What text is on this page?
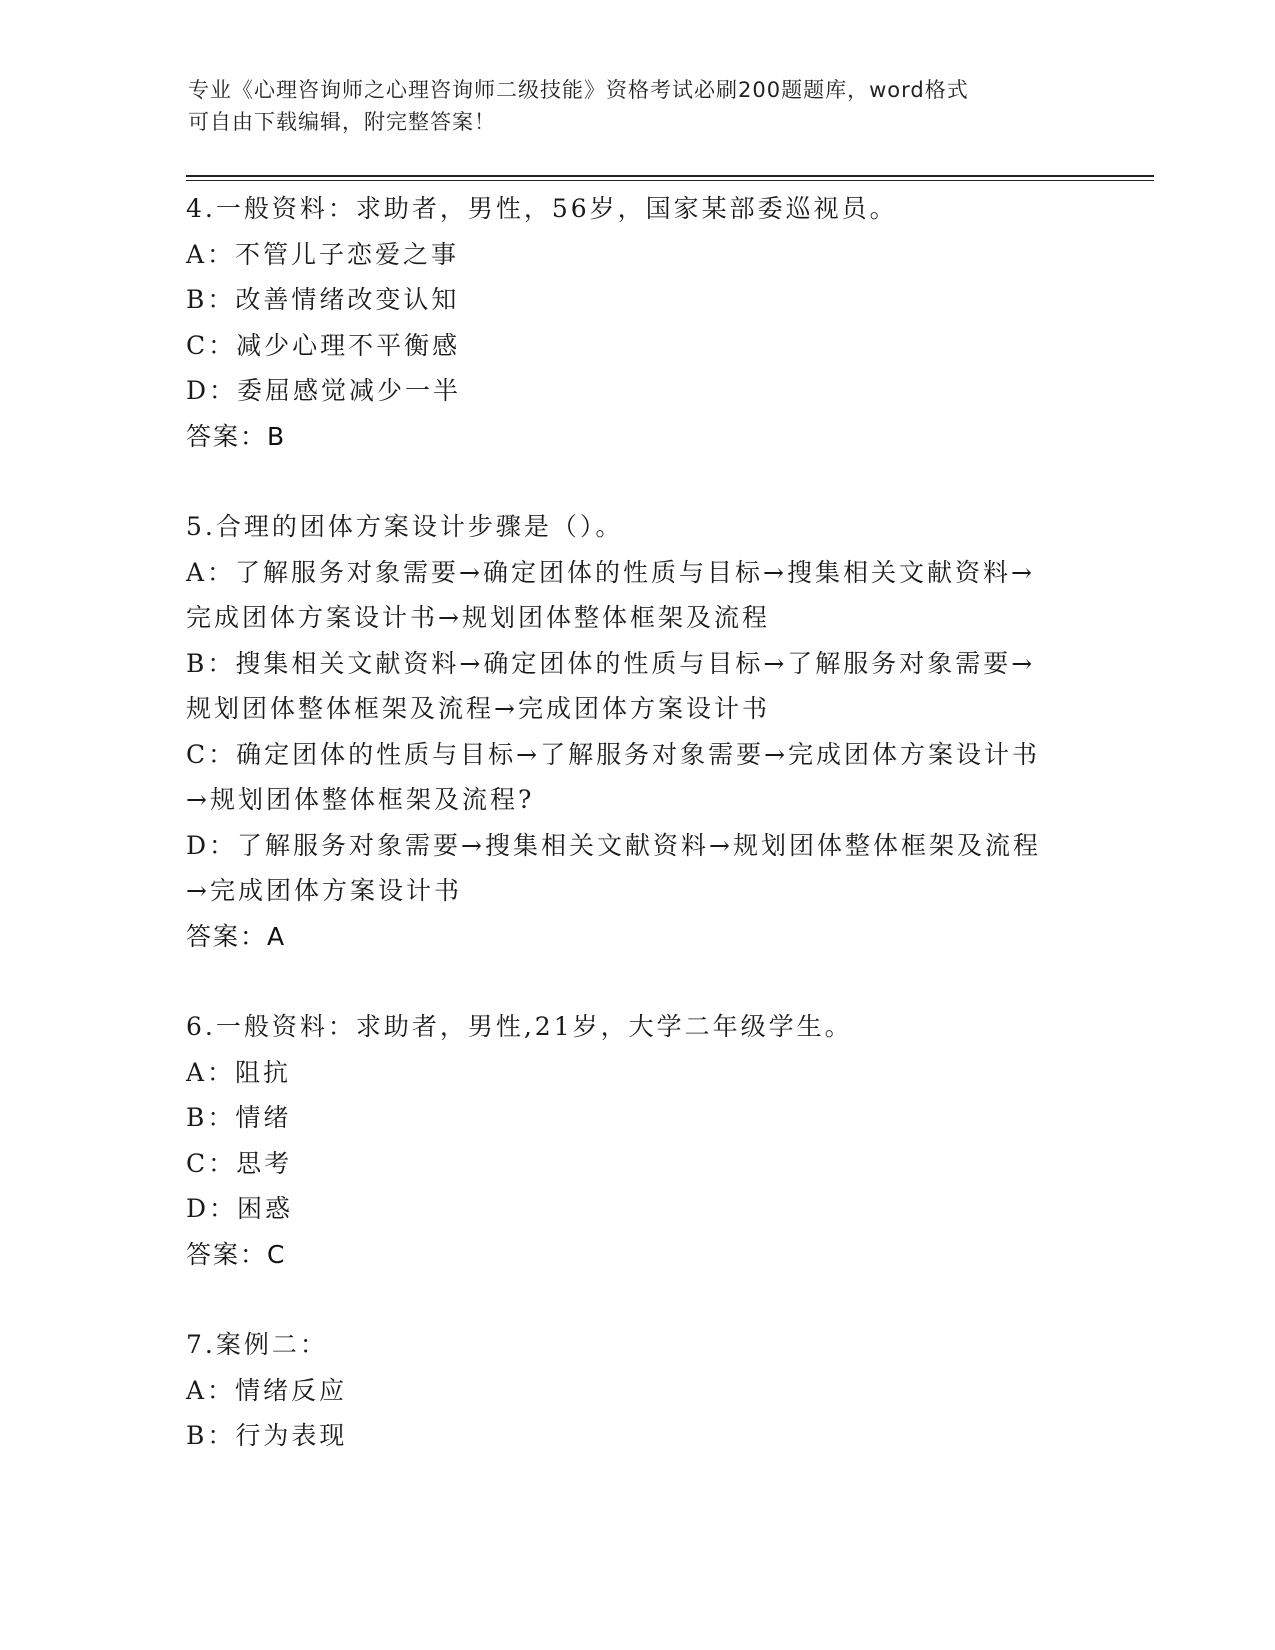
专业《心理咨询师之心理咨询师二级技能》资格考试必刷200题题库，word格式
可自由下载编辑，附完整答案！
4.一般资料：求助者，男性，56岁，国家某部委巡视员。
A：不管儿子恋爱之事
B：改善情绪改变认知
C：减少心理不平衡感
D：委屈感觉减少一半
答案：B
5.合理的团体方案设计步骤是（）。
A：了解服务对象需要→确定团体的性质与目标→搜集相关文献资料→
完成团体方案设计书→规划团体整体框架及流程
B：搜集相关文献资料→确定团体的性质与目标→了解服务对象需要→
规划团体整体框架及流程→完成团体方案设计书
C：确定团体的性质与目标→了解服务对象需要→完成团体方案设计书
→规划团体整体框架及流程?
D：了解服务对象需要→搜集相关文献资料→规划团体整体框架及流程
→完成团体方案设计书
答案：A
6.一般资料：求助者，男性,21岁，大学二年级学生。
A：阻抗
B：情绪
C：思考
D：困惑
答案：C
7.案例二：
A：情绪反应
B：行为表现
